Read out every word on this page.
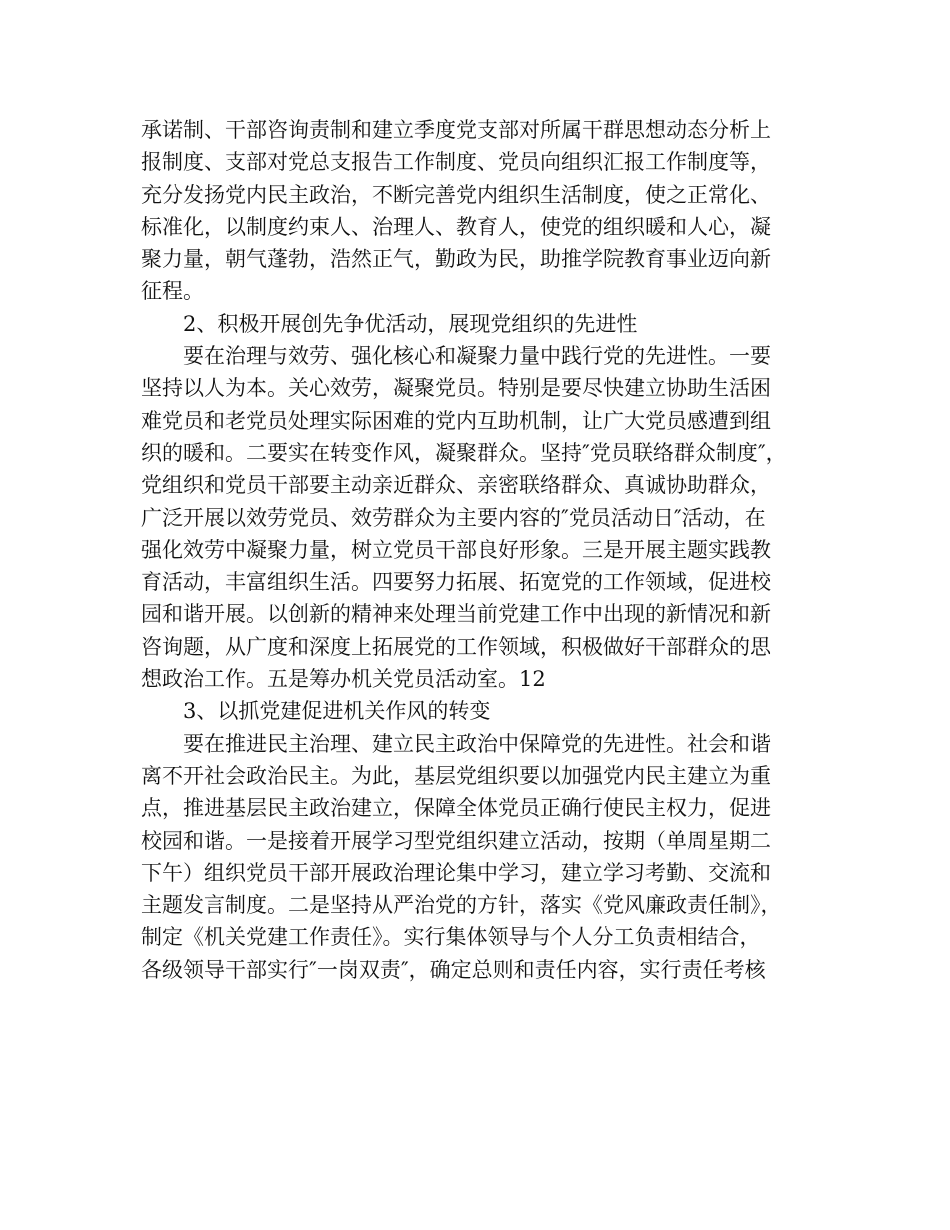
承诺制、干部咨询责制和建立季度党支部对所属干群思想动态分析上
报制度、支部对党总支报告工作制度、党员向组织汇报工作制度等，
充分发扬党内民主政治，不断完善党内组织生活制度，使之正常化、
标准化，以制度约束人、治理人、教育人，使党的组织暖和人心，凝
聚力量，朝气蓬勃，浩然正气，勤政为民，助推学院教育事业迈向新
征程。
2、积极开展创先争优活动，展现党组织的先进性
要在治理与效劳、强化核心和凝聚力量中践行党的先进性。一要
坚持以人为本。关心效劳，凝聚党员。特别是要尽快建立协助生活困
难党员和老党员处理实际困难的党内互助机制，让广大党员感遭到组
织的暖和。二要实在转变作风，凝聚群众。坚持″党员联络群众制度″，
党组织和党员干部要主动亲近群众、亲密联络群众、真诚协助群众，
广泛开展以效劳党员、效劳群众为主要内容的″党员活动日″活动，在
强化效劳中凝聚力量，树立党员干部良好形象。三是开展主题实践教
育活动，丰富组织生活。四要努力拓展、拓宽党的工作领域，促进校
园和谐开展。以创新的精神来处理当前党建工作中出现的新情况和新
咨询题，从广度和深度上拓展党的工作领域，积极做好干部群众的思
想政治工作。五是筹办机关党员活动室。12
3、以抓党建促进机关作风的转变
要在推进民主治理、建立民主政治中保障党的先进性。社会和谐
离不开社会政治民主。为此，基层党组织要以加强党内民主建立为重
点，推进基层民主政治建立，保障全体党员正确行使民主权力，促进
校园和谐。一是接着开展学习型党组织建立活动，按期（单周星期二
下午）组织党员干部开展政治理论集中学习，建立学习考勤、交流和
主题发言制度。二是坚持从严治党的方针，落实《党风廉政责任制》，
制定《机关党建工作责任》。实行集体领导与个人分工负责相结合，
各级领导干部实行″一岗双责″，确定总则和责任内容，实行责任考核
